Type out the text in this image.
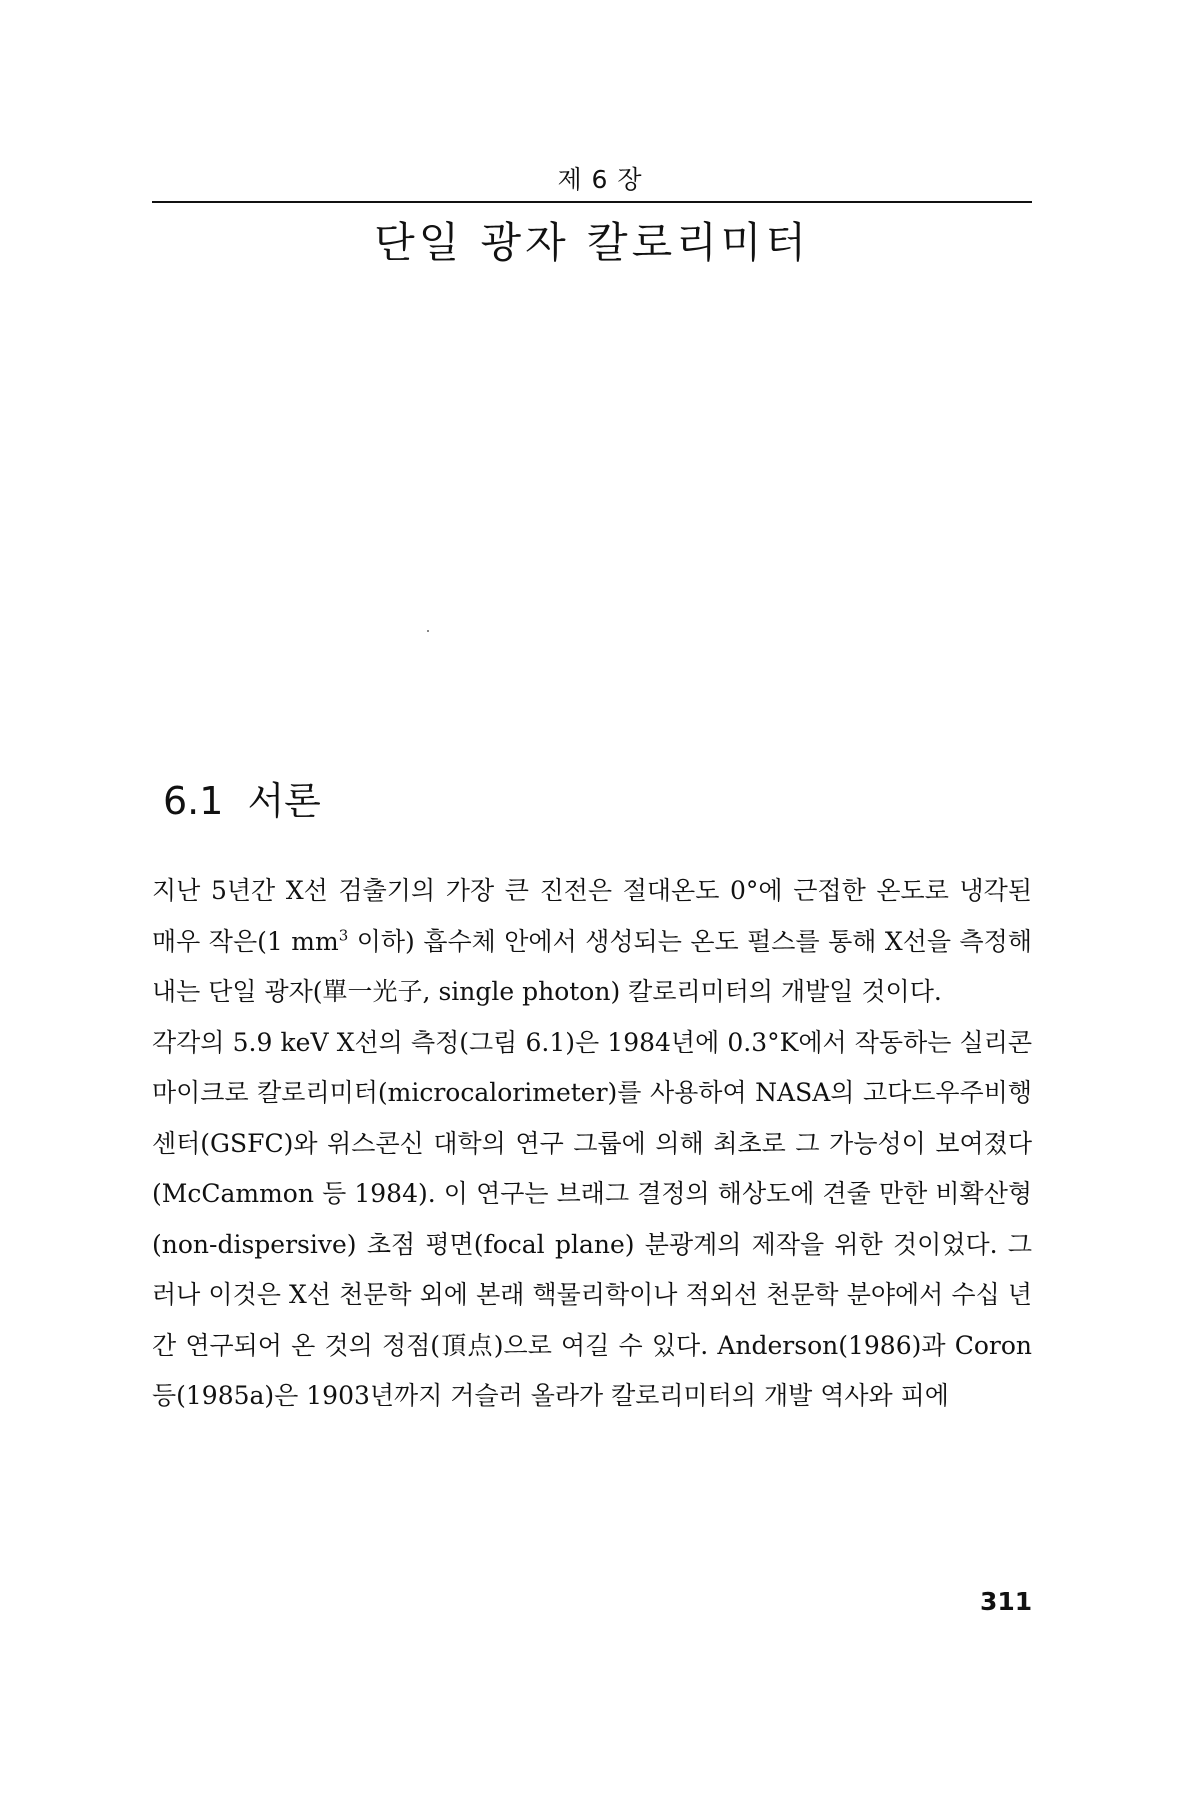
제 6 장
단일 광자 칼로리미터
6.1 서론

지난 5년간 X선 검출기의 가장 큰 진전은 절대온도 0°에 근접한 온도로 냉각된 매우 작은(1 $mm^3$ 이하) 흡수체 안에서 생성되는 온도 펄스를 통해 X선을 측정해 내는 단일 광자(單一光子, single photon) 칼로리미터의 개발일 것이다.

각각의 5.9 keV X선의 측정(그림 6.1)은 1984년에 0.3°K에서 작동하는 실리콘 마이크로 칼로리미터(microcalorimeter)를 사용하여 NASA의 고다드우주비행센터(GSFC)와 위스콘신 대학의 연구 그룹에 의해 최초로 그 가능성이 보여졌다(McCammon 등 1984). 이 연구는 브래그 결정의 해상도에 견줄 만한 비확산형(non-dispersive) 초점 평면(focal plane) 분광계의 제작을 위한 것이었다. 그러나 이것은 X선 천문학 외에 본래 핵물리학이나 적외선 천문학 분야에서 수십 년간 연구되어 온 것의 정점(頂点)으로 여길 수 있다. Anderson(1986)과 Coron 등(1985a)은 1903년까지 거슬러 올라가 칼로리미터의 개발 역사와 피에

311
